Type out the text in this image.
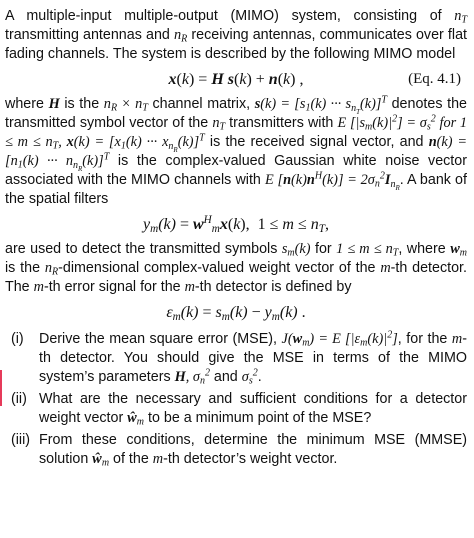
A multiple-input multiple-output (MIMO) system, consisting of $n_T$ transmitting antennas and $n_R$ receiving antennas, communicates over flat fading channels. The system is described by the following MIMO model

x(k) = H s(k) + n(k) ,	(Eq. 4.1)

where H is the $n_R \times n_T$ channel matrix, $s(k) = [s_1(k)$ ··· $s_{n_T}(k)]^T$ denotes the transmitted symbol vector of the $n_T$ transmitters with E $[|s_m(k)|^2] = \sigma_s^2$ for $1 \le m \le n_T$, $x(k) = [x_1(k)$ ··· $x_{n_R}(k)]^T$ is the received signal vector, and $n(k) = [n_1(k)$ ··· $n_{n_R}(k)]^T$ is the complex-valued Gaussian white noise vector associated with the MIMO channels with E $[n(k)n^H(k)] = 2\sigma_n^2I_{n_R}$. A bank of the spatial filters

$y_m(k) = w^H_mx(k)$,  $1 \le m \le n_T$,

are used to detect the transmitted symbols $s_m(k)$ for $1 \le m \le n_T$, where $w_m$ is the $n_R$-dimensional complex-valued weight vector of the m-th detector. The m-th error signal for the m-th detector is defined by

$\varepsilon_m(k) = s_m(k) - y_m(k)$ .

(i) Derive the mean square error (MSE), $J(w_m) = E$ $[|\varepsilon_m(k)|^2]$, for the m-th detector. You should give the MSE in terms of the MIMO system’s parameters H, $\sigma_n^2$ and $\sigma_s^2$.

(ii) What are the necessary and sufficient conditions for a detector weight vector $ŵ_m$ to be a minimum point of the MSE?

(iii) From these conditions, determine the minimum MSE (MMSE) solution $ŵ_m$ of the m-th detector’s weight vector.
